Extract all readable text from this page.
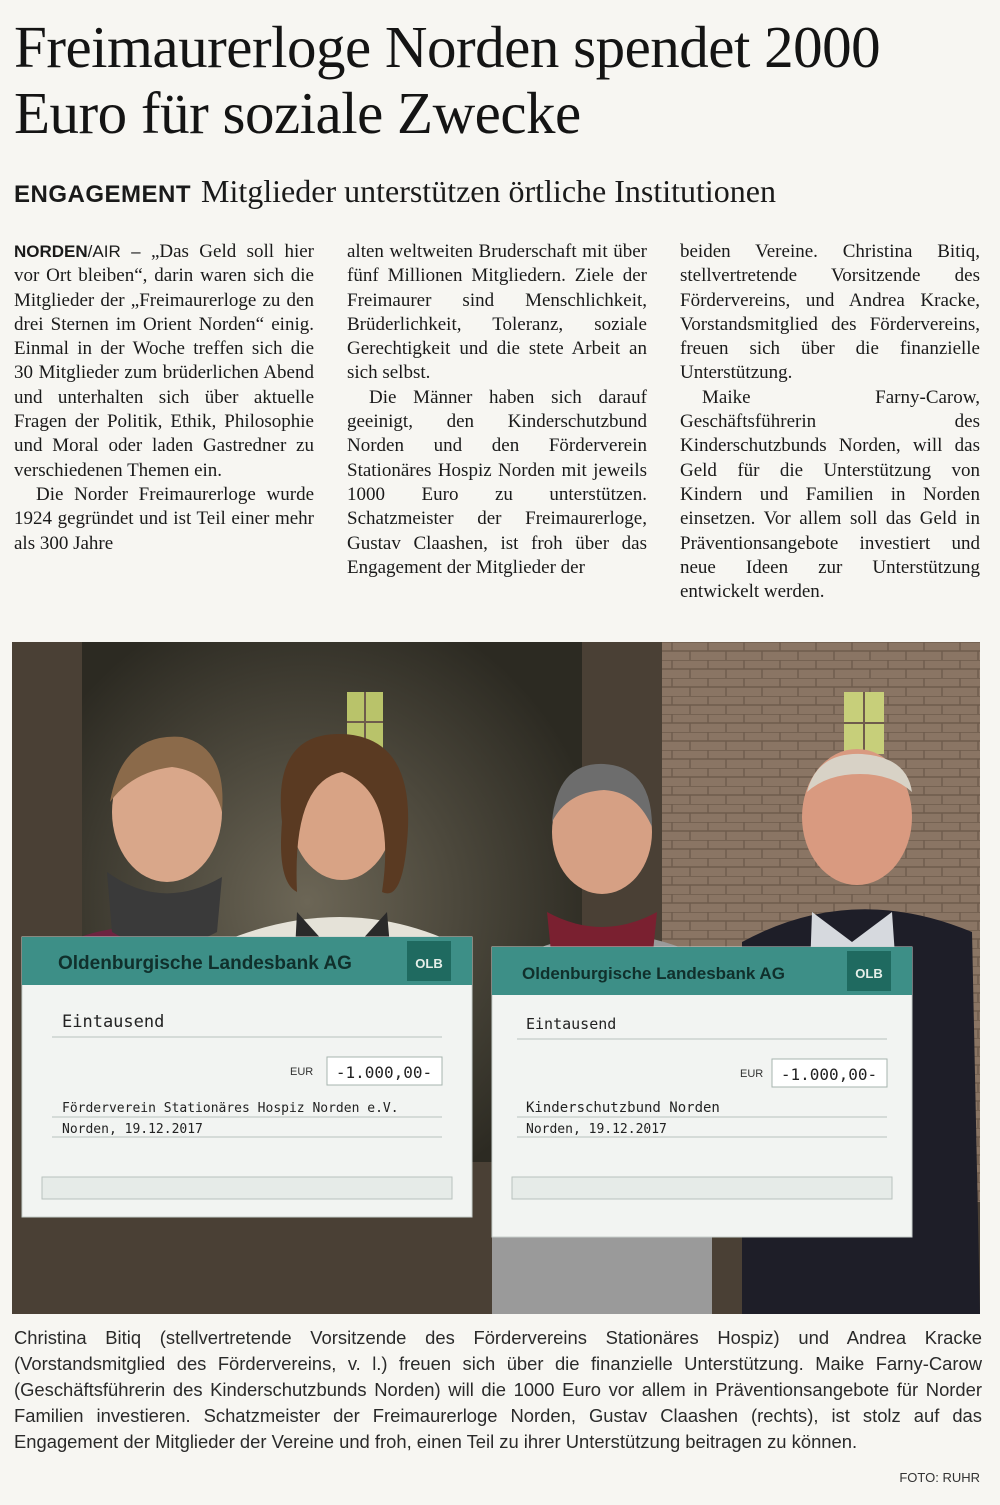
Freimaurerloge Norden spendet 2000 Euro für soziale Zwecke
ENGAGEMENT Mitglieder unterstützen örtliche Institutionen

NORDEN/AIR – „Das Geld soll hier vor Ort bleiben“, darin waren sich die Mitglieder der „Freimaurerloge zu den drei Sternen im Orient Norden“ einig. Einmal in der Woche treffen sich die 30 Mitglieder zum brüderlichen Abend und unterhalten sich über aktuelle Fragen der Politik, Ethik, Philosophie und Moral oder laden Gastredner zu verschiedenen Themen ein.

Die Norder Freimaurerloge wurde 1924 gegründet und ist Teil einer mehr als 300 Jahre

alten weltweiten Bruderschaft mit über fünf Millionen Mitgliedern. Ziele der Freimaurer sind Menschlichkeit, Brüderlichkeit, Toleranz, soziale Gerechtigkeit und die stete Arbeit an sich selbst.

Die Männer haben sich darauf geeinigt, den Kinderschutzbund Norden und den Förderverein Stationäres Hospiz Norden mit jeweils 1000 Euro zu unterstützen. Schatzmeister der Freimaurerloge, Gustav Claashen, ist froh über das Engagement der Mitglieder der

beiden Vereine. Christina Bitiq, stellvertretende Vorsitzende des Fördervereins, und Andrea Kracke, Vorstandsmitglied des Fördervereins, freuen sich über die finanzielle Unterstützung.

Maike Farny-Carow, Geschäftsführerin des Kinderschutzbunds Norden, will das Geld für die Unterstützung von Kindern und Familien in Norden einsetzen. Vor allem soll das Geld in Präventionsangebote investiert und neue Ideen zur Unterstützung entwickelt werden.

Oldenburgische Landesbank AG	OLB
Eintausend
EUR -1.000,00-
Förderverein Stationäres Hospiz Norden e.V.
Norden, 19.12.2017
Oldenburgische Landesbank AG	OLB
Eintausend
EUR -1.000,00-
Kinderschutzbund Norden
Norden, 19.12.2017
Christina Bitiq (stellvertretende Vorsitzende des Fördervereins Stationäres Hospiz) und Andrea Kracke (Vorstandsmitglied des Fördervereins, v. l.) freuen sich über die finanzielle Unterstützung. Maike Farny-Carow (Geschäftsführerin des Kinderschutzbunds Norden) will die 1000 Euro vor allem in Präventionsangebote für Norder Familien investieren. Schatzmeister der Freimaurerloge Norden, Gustav Claashen (rechts), ist stolz auf das Engagement der Mitglieder der Vereine und froh, einen Teil zu ihrer Unterstützung beitragen zu können.
FOTO: RUHR
